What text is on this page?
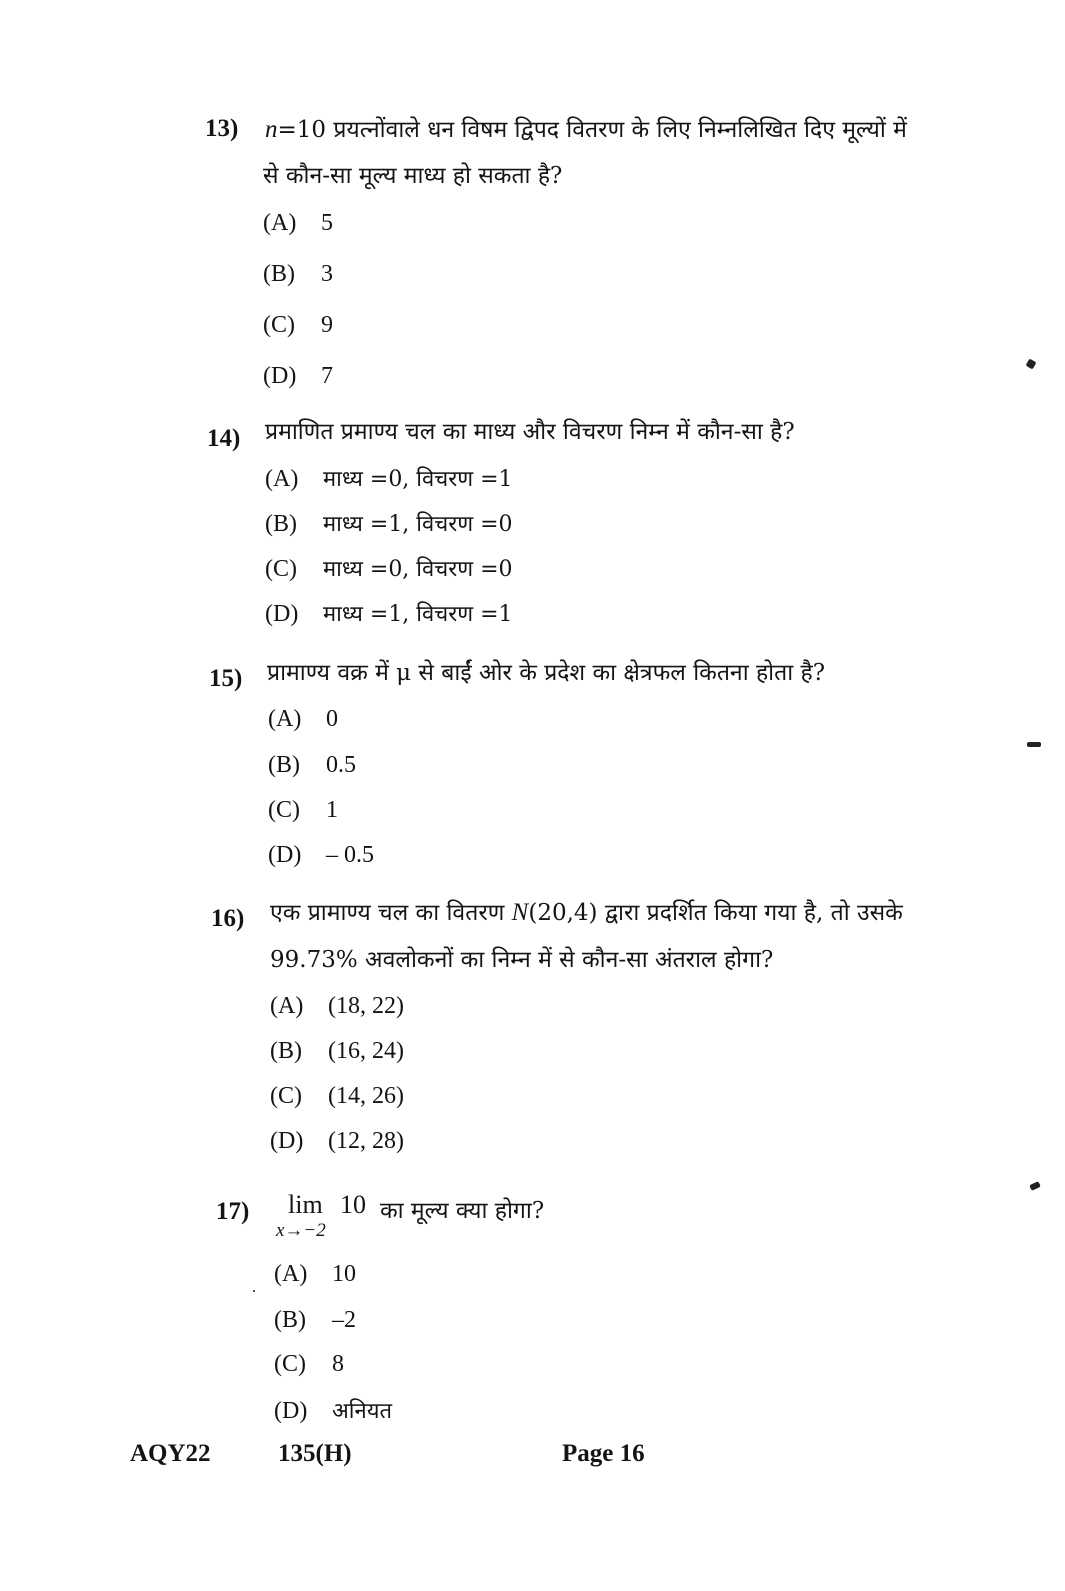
13) n=10 प्रयत्नोंवाले धन विषम द्विपद वितरण के लिए निम्नलिखित दिए मूल्यों में
से कौन-सा मूल्य माध्य हो सकता है?
(A) 5
(B) 3
(C) 9
(D) 7
14) प्रमाणित प्रमाण्य चल का माध्य और विचरण निम्न में कौन-सा है?
(A) माध्य =0, विचरण =1
(B) माध्य =1, विचरण =0
(C) माध्य =0, विचरण =0
(D) माध्य =1, विचरण =1
15) प्रामाण्य वक्र में μ से बाईं ओर के प्रदेश का क्षेत्रफल कितना होता है?
(A) 0
(B) 0.5
(C) 1
(D) – 0.5
16) एक प्रामाण्य चल का वितरण N(20,4) द्वारा प्रदर्शित किया गया है, तो उसके
99.73% अवलोकनों का निम्न में से कौन-सा अंतराल होगा?
(A) (18, 22)
(B) (16, 24)
(C) (14, 26)
(D) (12, 28)
17) lim 10
x→−2
का मूल्य क्या होगा?
(A) 10
(B) –2
(C) 8
(D) अनियत
AQY22	135(H)	Page 16
